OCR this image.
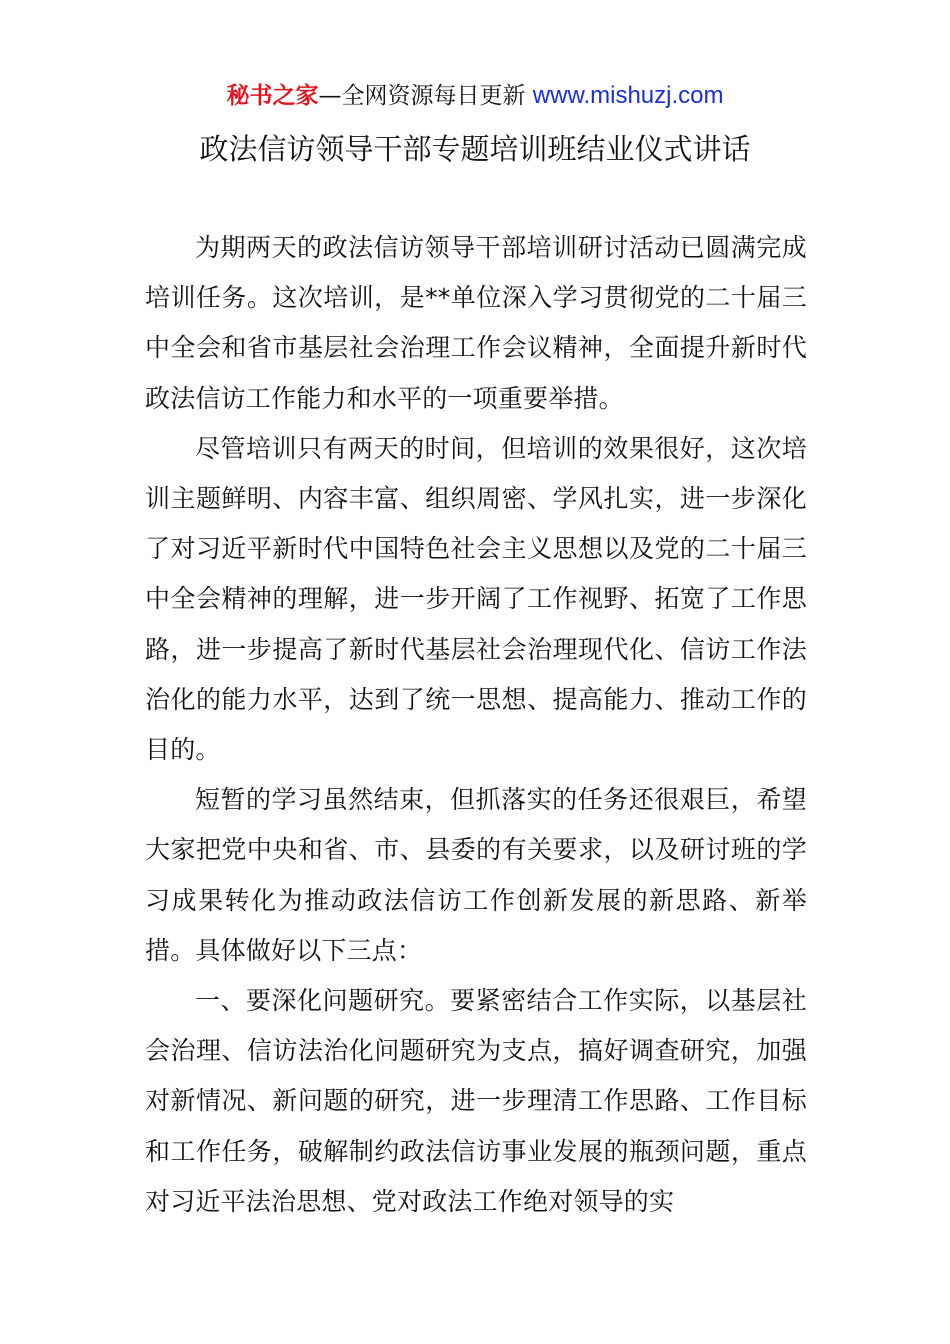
秘书之家—全网资源每日更新 www.mishuzj.com
政法信访领导干部专题培训班结业仪式讲话

为期两天的政法信访领导干部培训研讨活动已圆满完成培训任务。这次培训，是**单位深入学习贯彻党的二十届三中全会和省市基层社会治理工作会议精神，全面提升新时代政法信访工作能力和水平的一项重要举措。

尽管培训只有两天的时间，但培训的效果很好，这次培训主题鲜明、内容丰富、组织周密、学风扎实，进一步深化了对习近平新时代中国特色社会主义思想以及党的二十届三中全会精神的理解，进一步开阔了工作视野、拓宽了工作思路，进一步提高了新时代基层社会治理现代化、信访工作法治化的能力水平，达到了统一思想、提高能力、推动工作的目的。

短暂的学习虽然结束，但抓落实的任务还很艰巨，希望大家把党中央和省、市、县委的有关要求，以及研讨班的学习成果转化为推动政法信访工作创新发展的新思路、新举措。具体做好以下三点：

一、要深化问题研究。要紧密结合工作实际，以基层社会治理、信访法治化问题研究为支点，搞好调查研究，加强对新情况、新问题的研究，进一步理清工作思路、工作目标和工作任务，破解制约政法信访事业发展的瓶颈问题，重点对习近平法治思想、党对政法工作绝对领导的实
